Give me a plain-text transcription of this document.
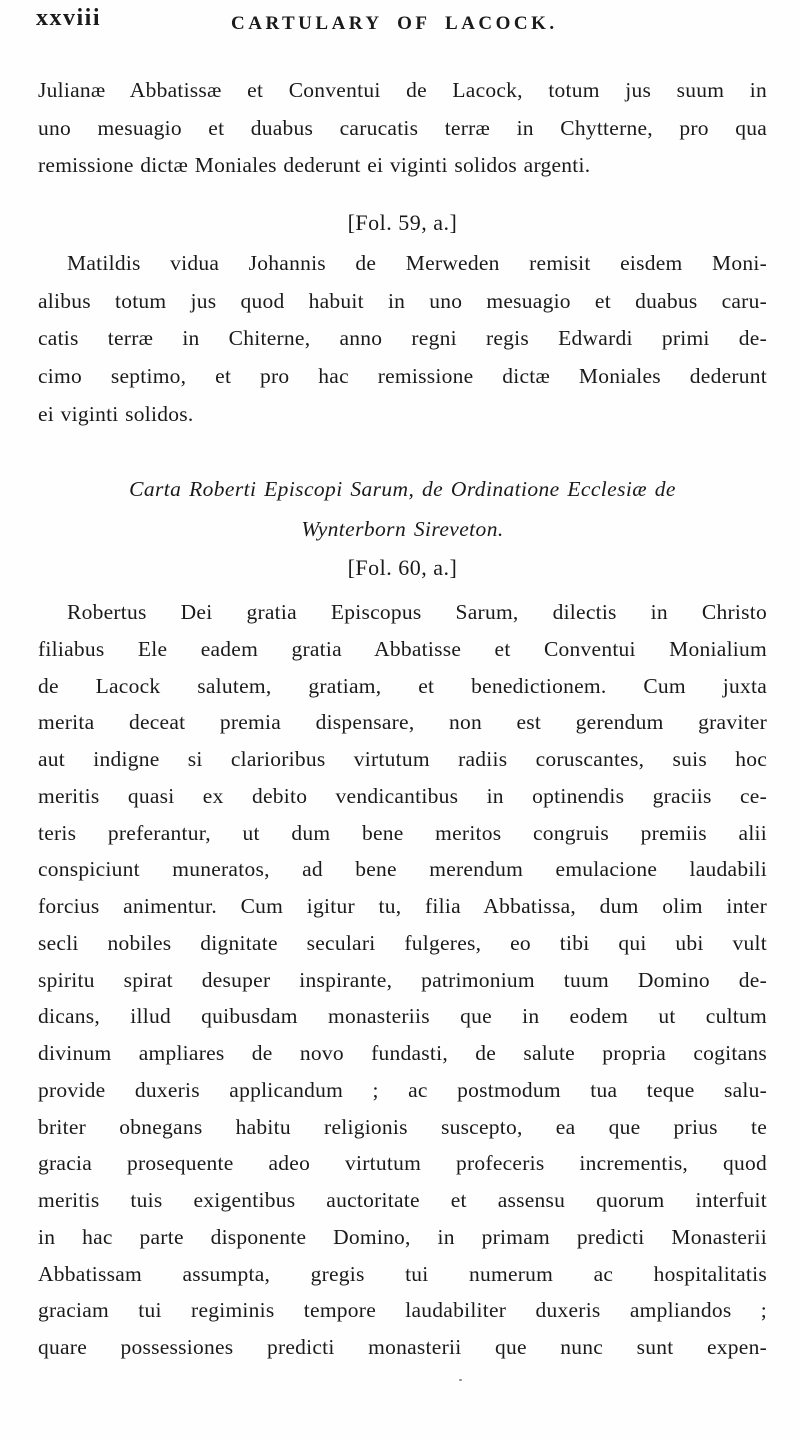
xxviii	CARTULARY OF LACOCK.
Julianæ Abbatissæ et Conventui de Lacock, totum jus suum in
uno mesuagio et duabus carucatis terræ in Chytterne, pro qua
remissione dictæ Moniales dederunt ei viginti solidos argenti.
[Fol. 59, a.]
Matildis vidua Johannis de Merweden remisit eisdem Moni-
alibus totum jus quod habuit in uno mesuagio et duabus caru-
catis terræ in Chiterne, anno regni regis Edwardi primi de-
cimo septimo, et pro hac remissione dictæ Moniales dederunt
ei viginti solidos.
Carta Roberti Episcopi Sarum, de Ordinatione Ecclesiæ de
Wynterborn Sireveton.
[Fol. 60, a.]
Robertus Dei gratia Episcopus Sarum, dilectis in Christo
filiabus Ele eadem gratia Abbatisse et Conventui Monialium
de Lacock salutem, gratiam, et benedictionem. Cum juxta
merita deceat premia dispensare, non est gerendum graviter
aut indigne si clarioribus virtutum radiis coruscantes, suis hoc
meritis quasi ex debito vendicantibus in optinendis graciis ce-
teris preferantur, ut dum bene meritos congruis premiis alii
conspiciunt muneratos, ad bene merendum emulacione laudabili
forcius animentur. Cum igitur tu, filia Abbatissa, dum olim inter
secli nobiles dignitate seculari fulgeres, eo tibi qui ubi vult
spiritu spirat desuper inspirante, patrimonium tuum Domino de-
dicans, illud quibusdam monasteriis que in eodem ut cultum
divinum ampliares de novo fundasti, de salute propria cogitans
provide duxeris applicandum ; ac postmodum tua teque salu-
briter obnegans habitu religionis suscepto, ea que prius te
gracia prosequente adeo virtutum profeceris incrementis, quod
meritis tuis exigentibus auctoritate et assensu quorum interfuit
in hac parte disponente Domino, in primam predicti Monasterii
Abbatissam assumpta, gregis tui numerum ac hospitalitatis
graciam tui regiminis tempore laudabiliter duxeris ampliandos ;
quare possessiones predicti monasterii que nunc sunt expen-
